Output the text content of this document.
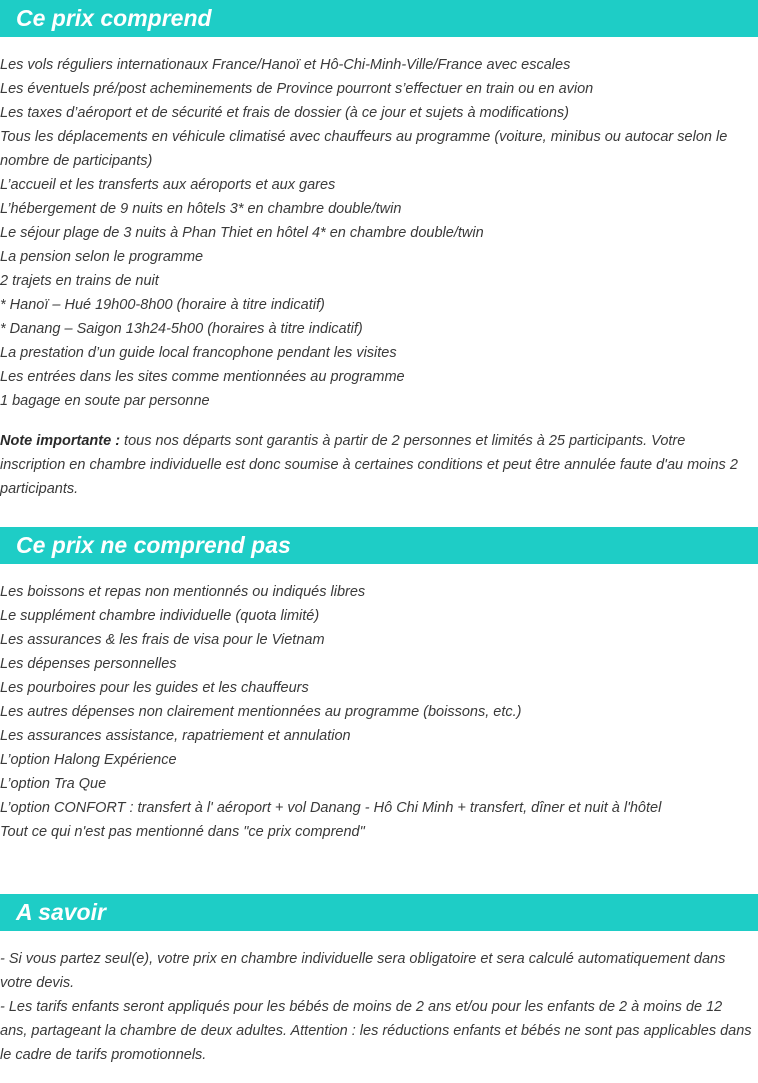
Ce prix comprend
Les vols réguliers internationaux France/Hanoï et Hô-Chi-Minh-Ville/France avec escales
Les éventuels pré/post acheminements de Province pourront s’effectuer en train ou en avion
Les taxes d’aéroport et de sécurité et frais de dossier (à ce jour et sujets à modifications)
Tous les déplacements en véhicule climatisé avec chauffeurs au programme (voiture, minibus ou autocar selon le nombre de participants)
L’accueil et les transferts aux aéroports et aux gares
L’hébergement de 9 nuits en hôtels 3* en chambre double/twin
Le séjour plage de 3 nuits à Phan Thiet en hôtel 4* en chambre double/twin
La pension selon le programme
2 trajets en trains de nuit
* Hanoï – Hué 19h00-8h00 (horaire à titre indicatif)
* Danang – Saigon 13h24-5h00 (horaires à titre indicatif)
La prestation d’un guide local francophone pendant les visites
Les entrées dans les sites comme mentionnées au programme
1 bagage en soute par personne

Note importante : tous nos départs sont garantis à partir de 2 personnes et limités à 25 participants. Votre inscription en chambre individuelle est donc soumise à certaines conditions et peut être annulée faute d'au moins 2 participants.

Ce prix ne comprend pas
Les boissons et repas non mentionnés ou indiqués libres
Le supplément chambre individuelle (quota limité)
Les assurances & les frais de visa pour le Vietnam
Les dépenses personnelles
Les pourboires pour les guides et les chauffeurs
Les autres dépenses non clairement mentionnées au programme (boissons, etc.)
Les assurances assistance, rapatriement et annulation
L’option Halong Expérience
L’option Tra Que
L’option CONFORT : transfert à l' aéroport + vol Danang - Hô Chi Minh + transfert, dîner et nuit à l'hôtel
Tout ce qui n'est pas mentionné dans "ce prix comprend"
A savoir

- Si vous partez seul(e), votre prix en chambre individuelle sera obligatoire et sera calculé automatiquement dans votre devis.

- Les tarifs enfants seront appliqués pour les bébés de moins de 2 ans et/ou pour les enfants de 2 à moins de 12 ans, partageant la chambre de deux adultes. Attention : les réductions enfants et bébés ne sont pas applicables dans le cadre de tarifs promotionnels.
